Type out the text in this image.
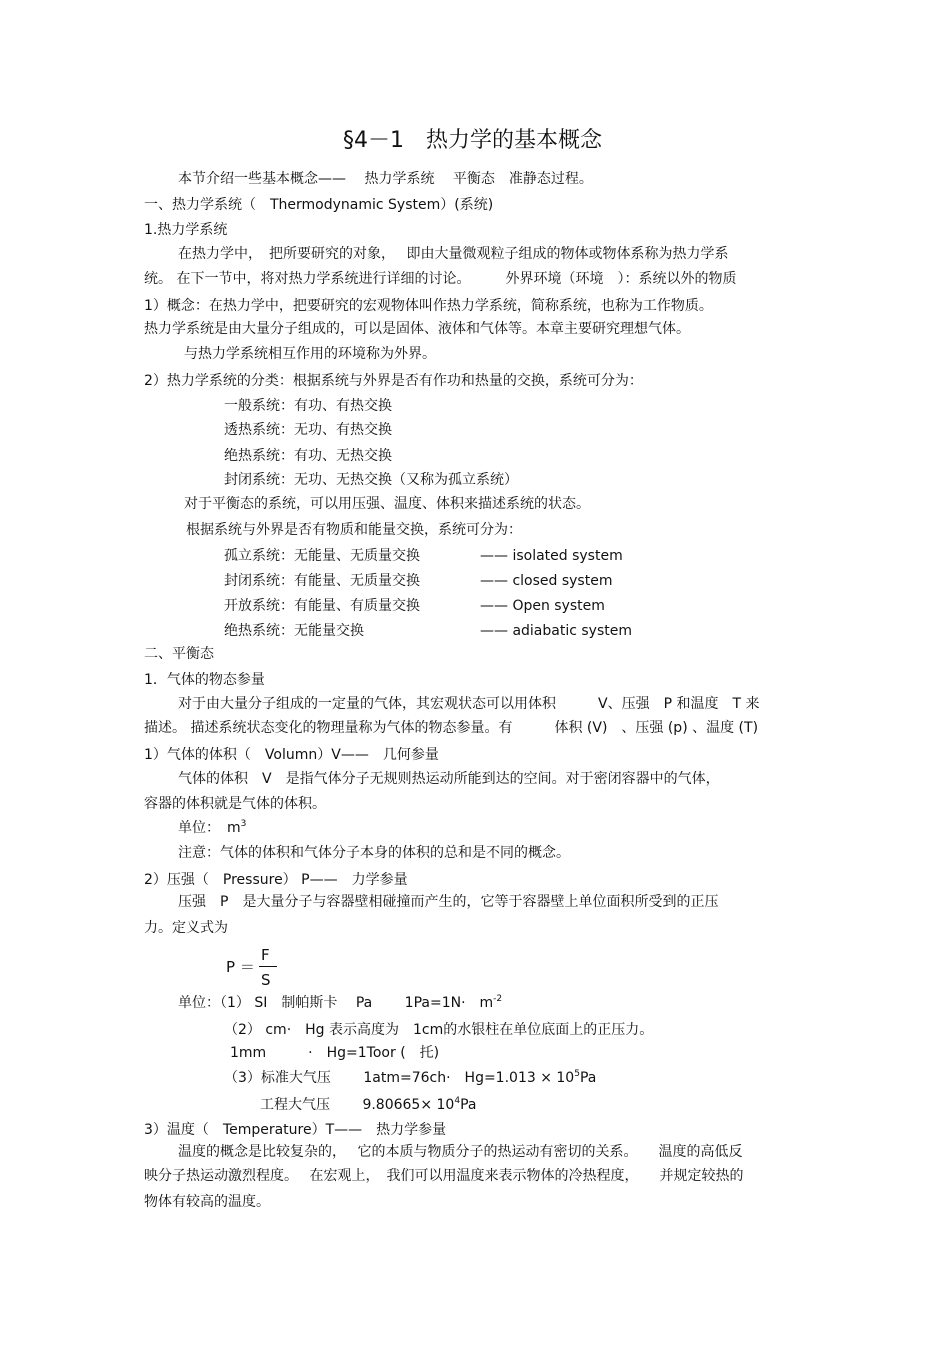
§4－1　热力学的基本概念
本节介绍一些基本概念——　 热力学系统　 平衡态　准静态过程。
一、热力学系统（　Thermodynamic System）(系统)
1.热力学系统
在热力学中，　把所要研究的对象，　 即由大量微观粒子组成的物体或物体系称为热力学系
统。 在下一节中，将对热力学系统进行详细的讨论。　　　外界环境（环境　）：系统以外的物质
1）概念：在热力学中，把要研究的宏观物体叫作热力学系统，简称系统，也称为工作物质。
热力学系统是由大量分子组成的，可以是固体、液体和气体等。本章主要研究理想气体。
与热力学系统相互作用的环境称为外界。
2）热力学系统的分类：根据系统与外界是否有作功和热量的交换，系统可分为：
一般系统：有功、有热交换
透热系统：无功、有热交换
绝热系统：有功、无热交换
封闭系统：无功、无热交换（又称为孤立系统）
对于平衡态的系统，可以用压强、温度、体积来描述系统的状态。
根据系统与外界是否有物质和能量交换，系统可分为：
孤立系统：无能量、无质量交换	—— isolated system
封闭系统：有能量、无质量交换	—— closed system
开放系统：有能量、有质量交换	—— Open system
绝热系统：无能量交换	—— adiabatic system
二、平衡态
1．气体的物态参量
对于由大量分子组成的一定量的气体，其宏观状态可以用体积　　　V、压强　P 和温度　T 来
描述。 描述系统状态变化的物理量称为气体的物态参量。有　　　体积 (V)　、压强 (p) 、温度 (T)
1）气体的体积（　Volumn）V——　几何参量
气体的体积　V　是指气体分子无规则热运动所能到达的空间。对于密闭容器中的气体，
容器的体积就是气体的体积。
单位：　$m^3$
注意：气体的体积和气体分子本身的体积的总和是不同的概念。
2）压强（　Pressure） P——　力学参量
压强　P　是大量分子与容器壁相碰撞而产生的，它等于容器壁上单位面积所受到的正压
力。定义式为
P ＝
F
S
单位：（1） SI　制帕斯卡　 Pa　　 1Pa=1N·　$m^{-2}$
（2） cm·　Hg 表示高度为　1cm的水银柱在单位底面上的正压力。
1mm　　　·　Hg=1Toor (　托)
（3）标准大气压　　 1atm=76ch·　$Hg=1.013 \times 10^5Pa$
工程大气压　　 $9.80665\times 10^4Pa$
3）温度（　Temperature）T——　热力学参量
温度的概念是比较复杂的，　 它的本质与物质分子的热运动有密切的关系。　　温度的高低反
映分子热运动激烈程度。　 在宏观上，　我们可以用温度来表示物体的冷热程度，　　并规定较热的
物体有较高的温度。
